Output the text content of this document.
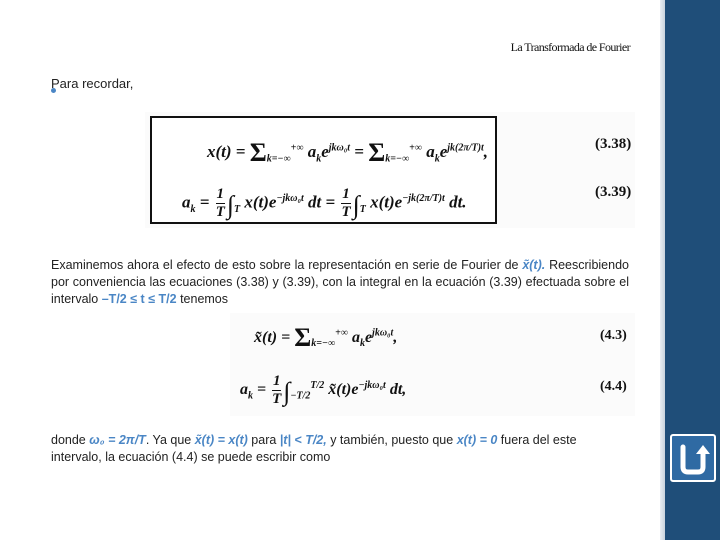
La Transformada de Fourier
Para recordar,
$x(t) = \Sigma_{k=-\infty}^{+\infty}$ $a_ke^{jk\omega_0t} = \Sigma_{k=-\infty}^{+\infty}$ $a_ke^{jk(2\pi/T)t}$,
$a_k = \frac{1}{T} \int_T$ $x(t)e^{-jk\omega_0t}$ dt = $\frac{1}{T} \int_T$ $x(t)e^{-jk(2\pi/T)t}$ dt.
(3.38)
(3.39)
Examinemos ahora el efecto de esto sobre la representación en serie de Fourier de x̃(t). Reescribiendo por conveniencia las ecuaciones (3.38) y (3.39), con la integral en la ecuación (3.39) efectuada sobre el intervalo –T/2 ≤ t ≤ T/2 tenemos
x̃(t) = $\Sigma_{k=-\infty}^{+\infty}$ $a_ke^{jk\omega_0t}$,
$a_k = \frac{1}{T} \int_{-T/2}^{T/2}$ $x̃(t)e^{-jk\omega_0t}$ dt,
(4.3)
(4.4)
donde ω₀ = 2π/T. Ya que x̃(t) = x(t) para |t| < T/2, y también, puesto que x(t) = 0 fuera del este intervalo, la ecuación (4.4) se puede escribir como
